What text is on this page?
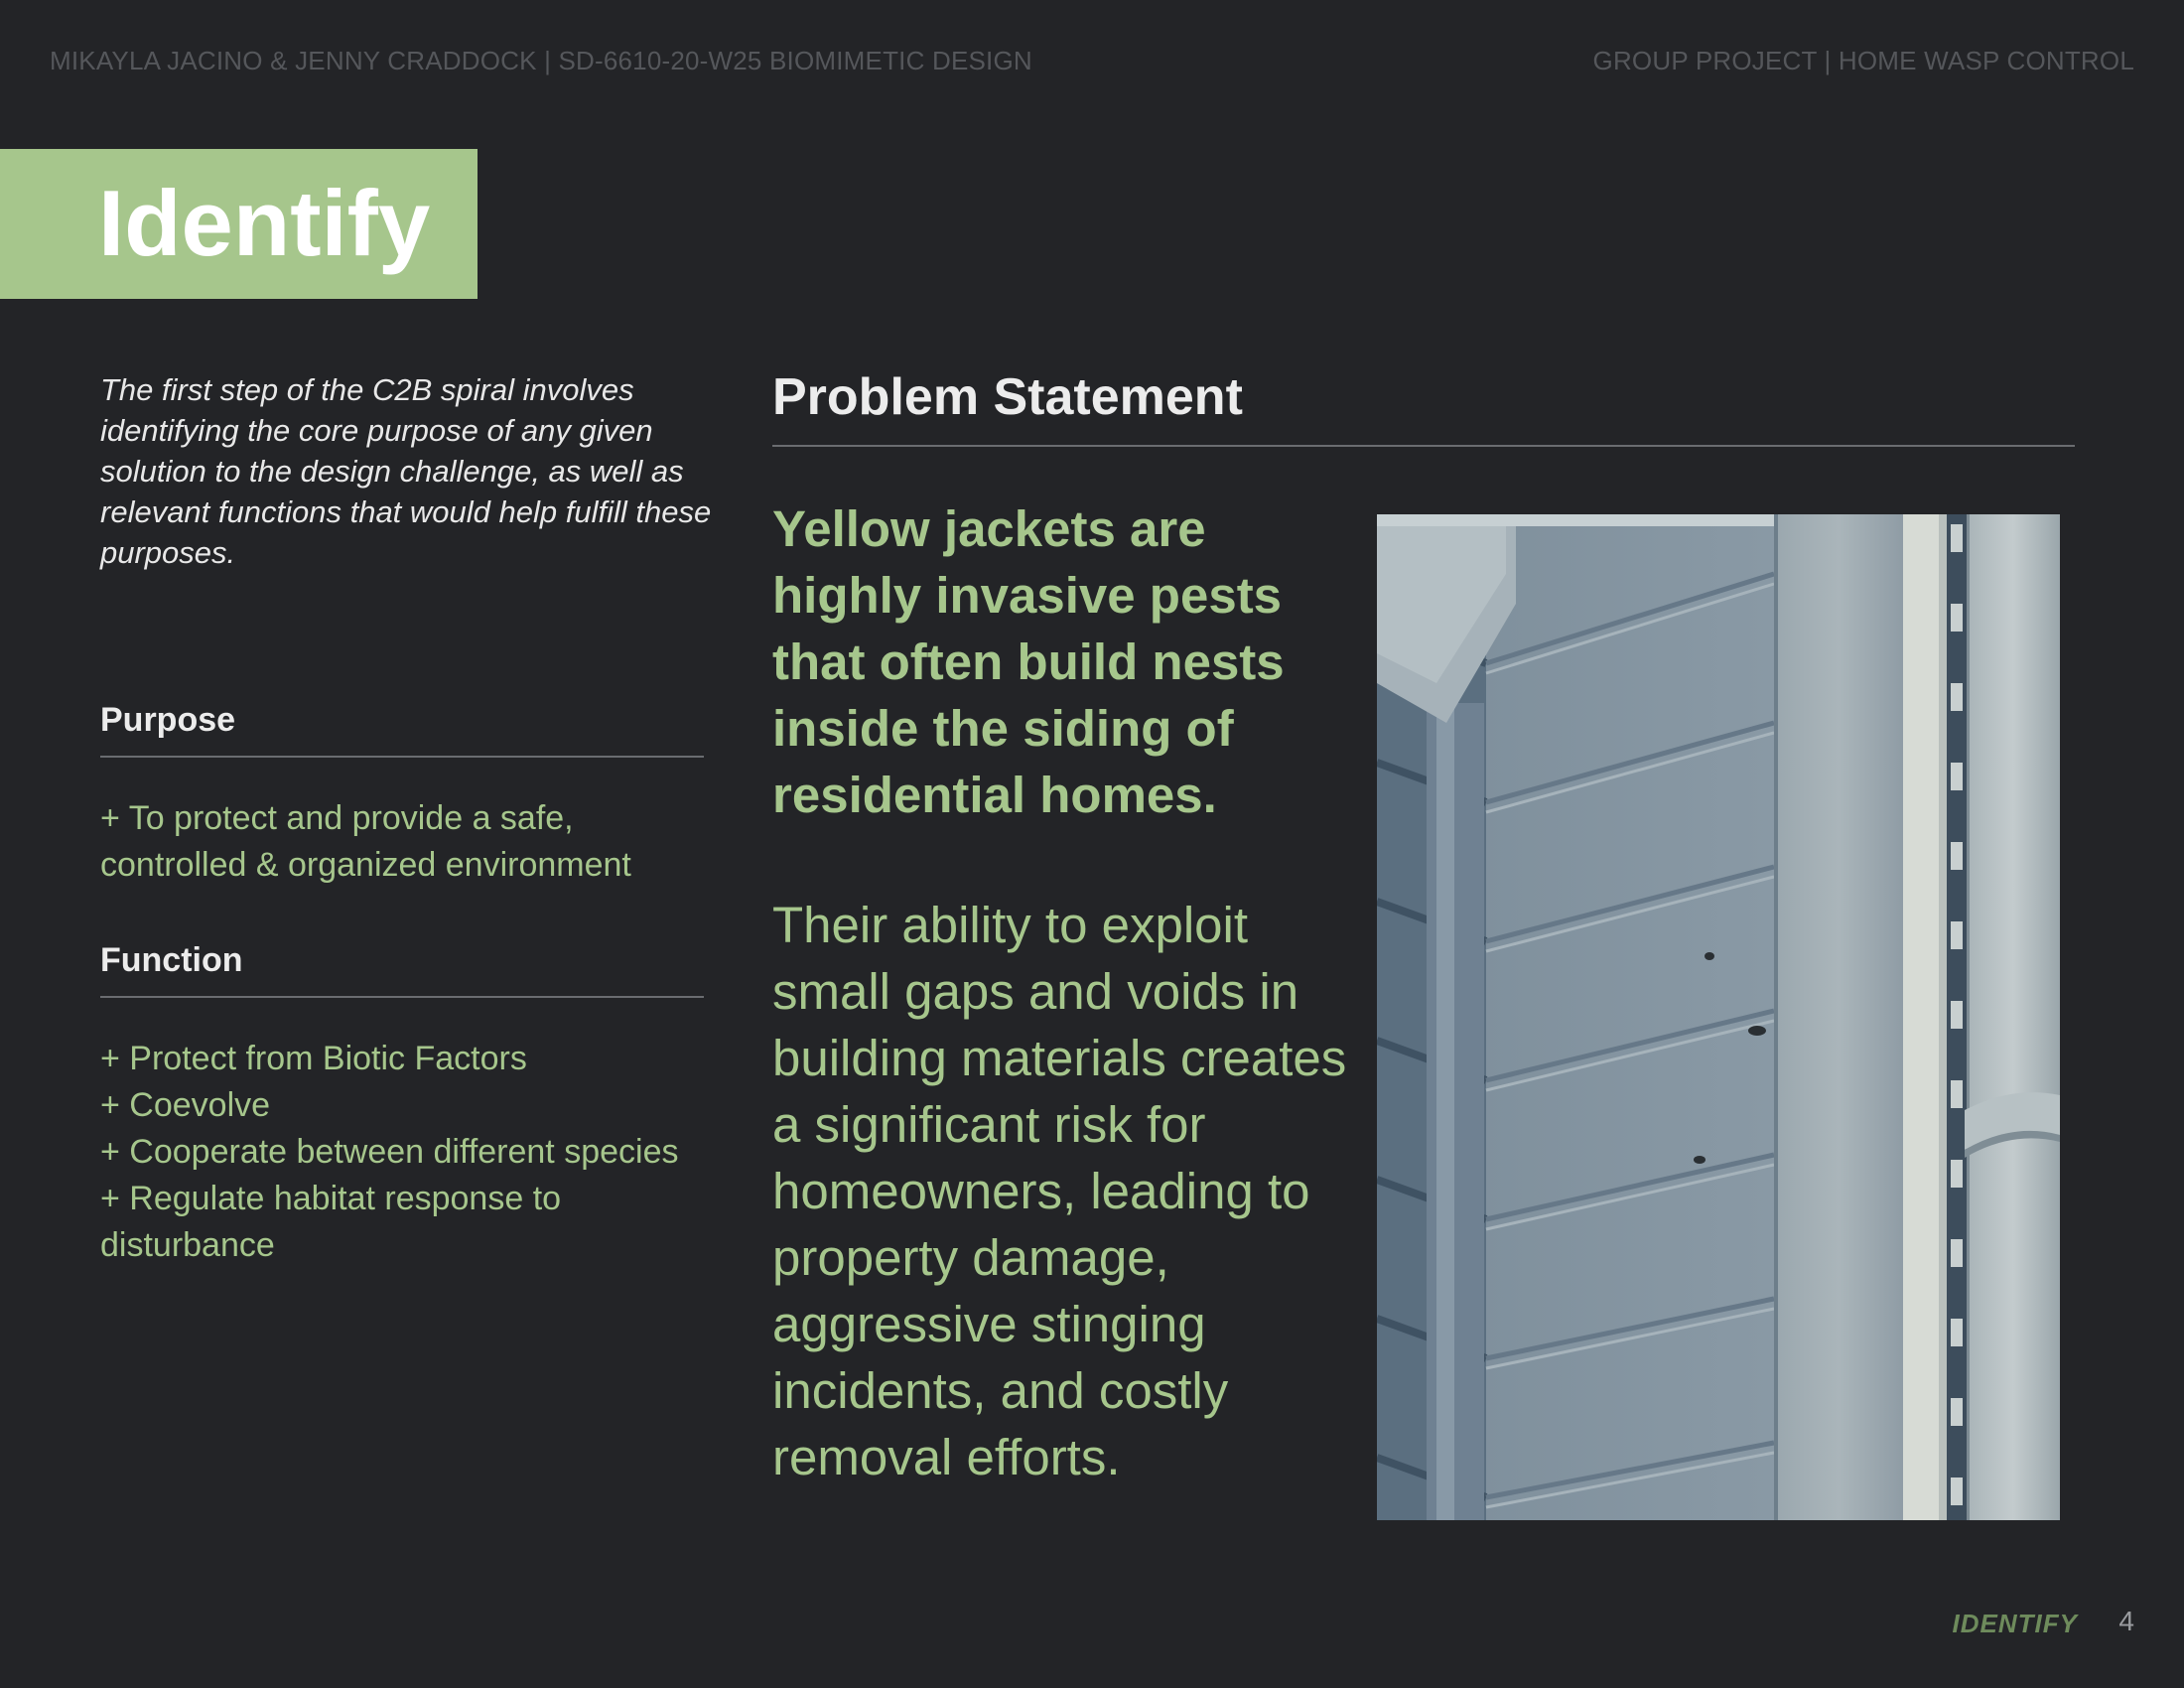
MIKAYLA JACINO & JENNY CRADDOCK | SD-6610-20-W25 BIOMIMETIC DESIGN	GROUP PROJECT | HOME WASP CONTROL
Identify

The first step of the C2B spiral involves identifying the core purpose of any given solution to the design challenge, as well as relevant functions that would help fulfill these purposes.

Purpose
+ To protect and provide a safe, controlled & organized environment
Function
+ Protect from Biotic Factors
+ Coevolve
+ Cooperate between different species
+ Regulate habitat response to disturbance
Problem Statement

Yellow jackets are highly invasive pests that often build nests inside the siding of residential homes.

Their ability to exploit small gaps and voids in building materials creates a significant risk for homeowners, leading to property damage, aggressive stinging incidents, and costly removal efforts.

IDENTIFY 4
